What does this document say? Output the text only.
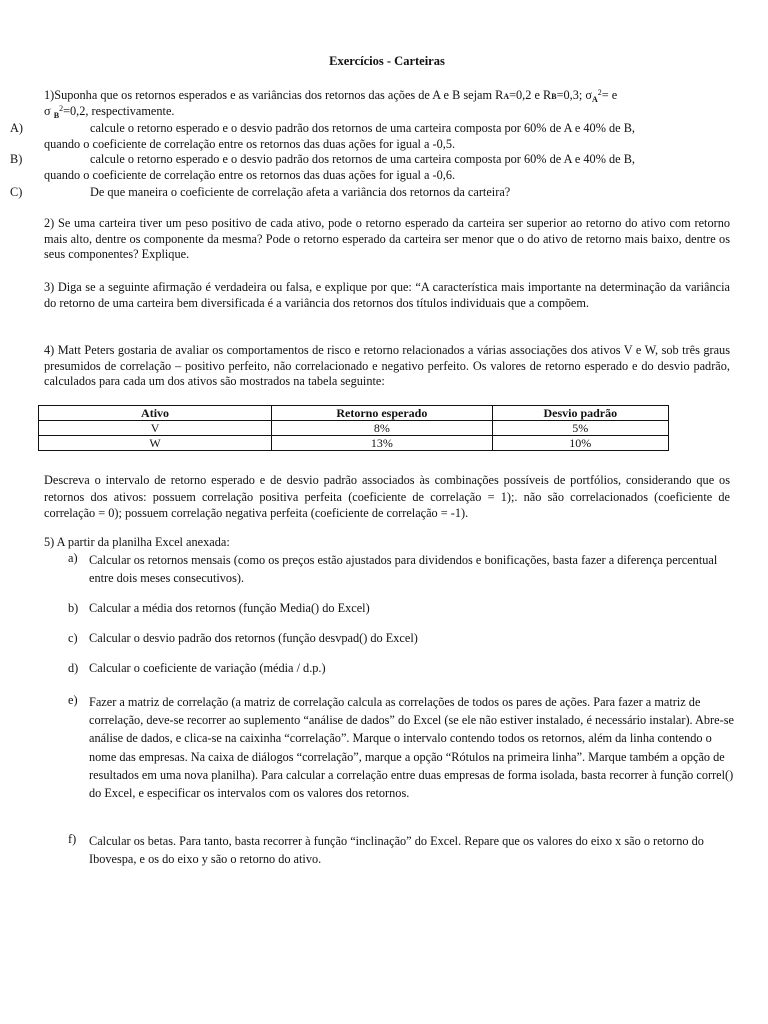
Exercícios - Carteiras
1)Suponha que os retornos esperados e as variâncias dos retornos das ações de A e B sejam RA=0,2 e RB=0,3; $\sigma_A^2= e$
σ $_B^2$=0,2, respectivamente.
A)	calcule o retorno esperado e o desvio padrão dos retornos de uma carteira composta por 60% de A e 40% de B,
quando o coeficiente de correlação entre os retornos das duas ações for igual a -0,5.
B)	calcule o retorno esperado e o desvio padrão dos retornos de uma carteira composta por 60% de A e 40% de B,
quando o coeficiente de correlação entre os retornos das duas ações for igual a -0,6.
C)	De que maneira o coeficiente de correlação afeta a variância dos retornos da carteira?
2) Se uma carteira tiver um peso positivo de cada ativo, pode o retorno esperado da carteira ser superior ao retorno do ativo com retorno mais alto, dentre os componente da mesma? Pode o retorno esperado da carteira ser menor que o do ativo de retorno mais baixo, dentre os seus componentes? Explique.
3) Diga se a seguinte afirmação é verdadeira ou falsa, e explique por que: “A característica mais importante na determinação da variância do retorno de uma carteira bem diversificada é a variância dos retornos dos títulos individuais que a compõem.
4) Matt Peters gostaria de avaliar os comportamentos de risco e retorno relacionados a várias associações dos ativos V e W, sob três graus presumidos de correlação – positivo perfeito, não correlacionado e negativo perfeito. Os valores de retorno esperado e do desvio padrão, calculados para cada um dos ativos são mostrados na tabela seguinte:
Ativo	Retorno esperado	Desvio padrão
V	8%	5%
W	13%	10%
Descreva o intervalo de retorno esperado e de desvio padrão associados às combinações possíveis de portfólios, considerando que os retornos dos ativos: possuem correlação positiva perfeita (coeficiente de correlação = 1);. não são correlacionados (coeficiente de correlação = 0); possuem correlação negativa perfeita (coeficiente de correlação = -1).
5) A partir da planilha Excel anexada:
a) Calcular os retornos mensais (como os preços estão ajustados para dividendos e bonificações, basta fazer a diferença percentual entre dois meses consecutivos).
b) Calcular a média dos retornos (função Media() do Excel)
c) Calcular o desvio padrão dos retornos (função desvpad() do Excel)
d) Calcular o coeficiente de variação (média / d.p.)
e) Fazer a matriz de correlação (a matriz de correlação calcula as correlações de todos os pares de ações. Para fazer a matriz de correlação, deve-se recorrer ao suplemento “análise de dados” do Excel (se ele não estiver instalado, é necessário instalar). Abre-se análise de dados, e clica-se na caixinha “correlação”. Marque o intervalo contendo todos os retornos, além da linha contendo o nome das empresas. Na caixa de diálogos “correlação”, marque a opção “Rótulos na primeira linha”. Marque também a opção de resultados em uma nova planilha). Para calcular a correlação entre duas empresas de forma isolada, basta recorrer à função correl() do Excel, e especificar os intervalos com os valores dos retornos.
f) Calcular os betas. Para tanto, basta recorrer à função “inclinação” do Excel. Repare que os valores do eixo x são o retorno do Ibovespa, e os do eixo y são o retorno do ativo.
